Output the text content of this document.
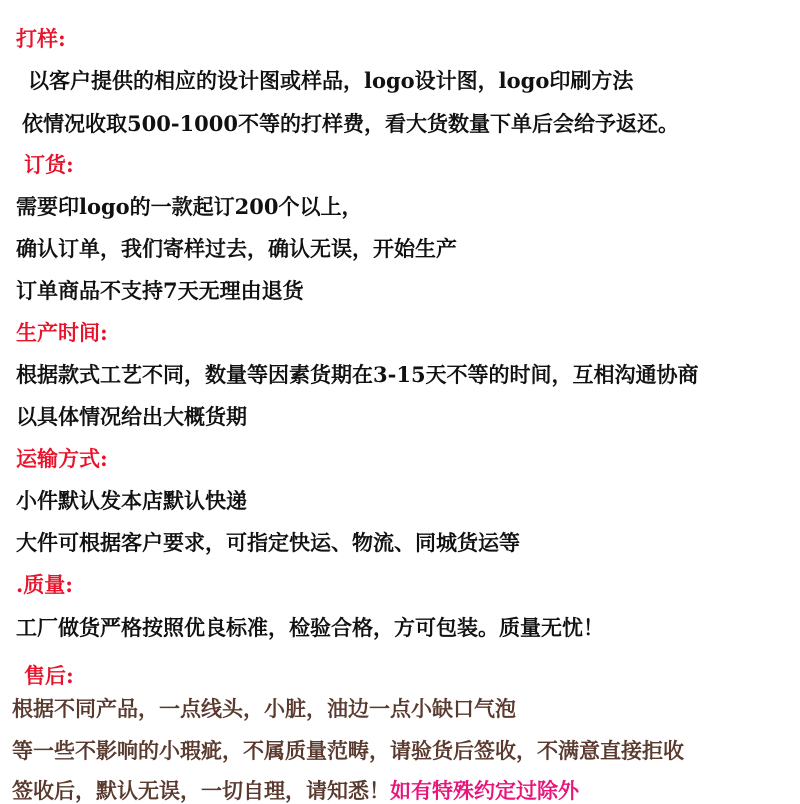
打样:
以客户提供的相应的设计图或样品，logo设计图，logo印刷方法
依情况收取500-1000不等的打样费，看大货数量下单后会给予返还。
订货:
需要印logo的一款起订200个以上，
确认订单，我们寄样过去，确认无误，开始生产
订单商品不支持7天无理由退货
生产时间:
根据款式工艺不同，数量等因素货期在3-15天不等的时间，互相沟通协商
以具体情况给出大概货期
运输方式:
小件默认发本店默认快递
大件可根据客户要求，可指定快运、物流、同城货运等
.质量:
工厂做货严格按照优良标准，检验合格，方可包装。质量无忧！
售后:
根据不同产品，一点线头，小脏，油边一点小缺口气泡
等一些不影响的小瑕疵，不属质量范畴，请验货后签收，不满意直接拒收
签收后，默认无误，一切自理，请知悉！如有特殊约定过除外
